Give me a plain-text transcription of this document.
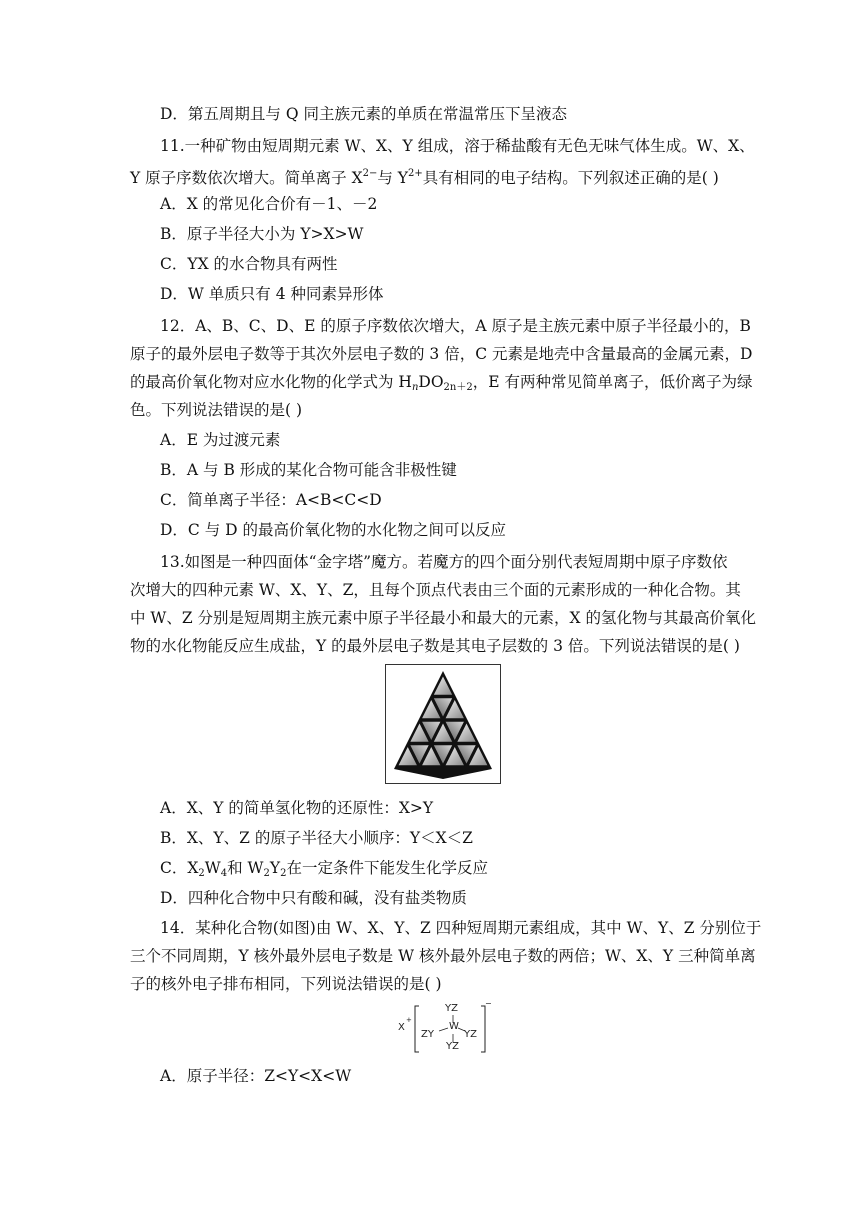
D．第五周期且与 Q 同主族元素的单质在常温常压下呈液态
11.一种矿物由短周期元素 W、X、Y 组成，溶于稀盐酸有无色无味气体生成。W、X、
Y 原子序数依次增大。简单离子 $X^{2-}$与 $Y^{2+}$具有相同的电子结构。下列叙述正确的是( )
A．X 的常见化合价有－1、－2
B．原子半径大小为 Y>X>W
C．YX 的水合物具有两性
D．W 单质只有 4 种同素异形体
12．A、B、C、D、E 的原子序数依次增大，A 原子是主族元素中原子半径最小的，B
原子的最外层电子数等于其次外层电子数的 3 倍，C 元素是地壳中含量最高的金属元素，D
的最高价氧化物对应水化物的化学式为 $H_nDO_{2n+2}$，E 有两种常见简单离子，低价离子为绿
色。下列说法错误的是( )
A．E 为过渡元素
B．A 与 B 形成的某化合物可能含非极性键
C．简单离子半径：A<B<C<D
D．C 与 D 的最高价氧化物的水化物之间可以反应
13.如图是一种四面体“金字塔”魔方。若魔方的四个面分别代表短周期中原子序数依
次增大的四种元素 W、X、Y、Z，且每个顶点代表由三个面的元素形成的一种化合物。其
中 W、Z 分别是短周期主族元素中原子半径最小和最大的元素，X 的氢化物与其最高价氧化
物的水化物能反应生成盐，Y 的最外层电子数是其电子层数的 3 倍。下列说法错误的是( )
A．X、Y 的简单氢化物的还原性：X>Y
B．X、Y、Z 的原子半径大小顺序：Y＜X＜Z
C．$X_2W_4$和 $W_2Y_2$在一定条件下能发生化学反应
D．四种化合物中只有酸和碱，没有盐类物质
14．某种化合物(如图)由 W、X、Y、Z 四种短周期元素组成，其中 W、Y、Z 分别位于
三个不同周期，Y 核外最外层电子数是 W 核外最外层电子数的两倍；W、X、Y 三种简单离
子的核外电子排布相同，下列说法错误的是( )
X
+
YZ
ZY
W
YZ
YZ
−
A．原子半径：Z<Y<X<W
